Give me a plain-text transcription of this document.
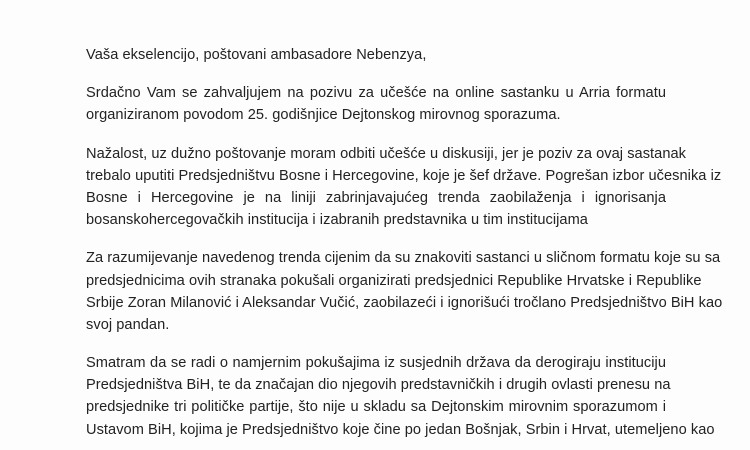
Vaša ekselencijo, poštovani ambasadore Nebenzya,
Srdačno Vam se zahvaljujem na pozivu za učešće na online sastanku u Arria formatu
organiziranom povodom 25. godišnjice Dejtonskog mirovnog sporazuma.
Nažalost, uz dužno poštovanje moram odbiti učešće u diskusiji, jer je poziv za ovaj sastanak
trebalo uputiti Predsjedništvu Bosne i Hercegovine, koje je šef države. Pogrešan izbor učesnika iz
Bosne i Hercegovine je na liniji zabrinjavajućeg trenda zaobilaženja i ignorisanja
bosanskohercegovačkih institucija i izabranih predstavnika u tim institucijama
Za razumijevanje navedenog trenda cijenim da su znakoviti sastanci u sličnom formatu koje su sa
predsjednicima ovih stranaka pokušali organizirati predsjednici Republike Hrvatske i Republike
Srbije Zoran Milanović i Aleksandar Vučić, zaobilazeći i ignorišući tročlano Predsjedništvo BiH kao
svoj pandan.
Smatram da se radi o namjernim pokušajima iz susjednih država da derogiraju instituciju
Predsjedništva BiH, te da značajan dio njegovih predstavničkih i drugih ovlasti prenesu na
predsjednike tri političke partije, što nije u skladu sa Dejtonskim mirovnim sporazumom i
Ustavom BiH, kojima je Predsjedništvo koje čine po jedan Bošnjak, Srbin i Hrvat, utemeljeno kao
